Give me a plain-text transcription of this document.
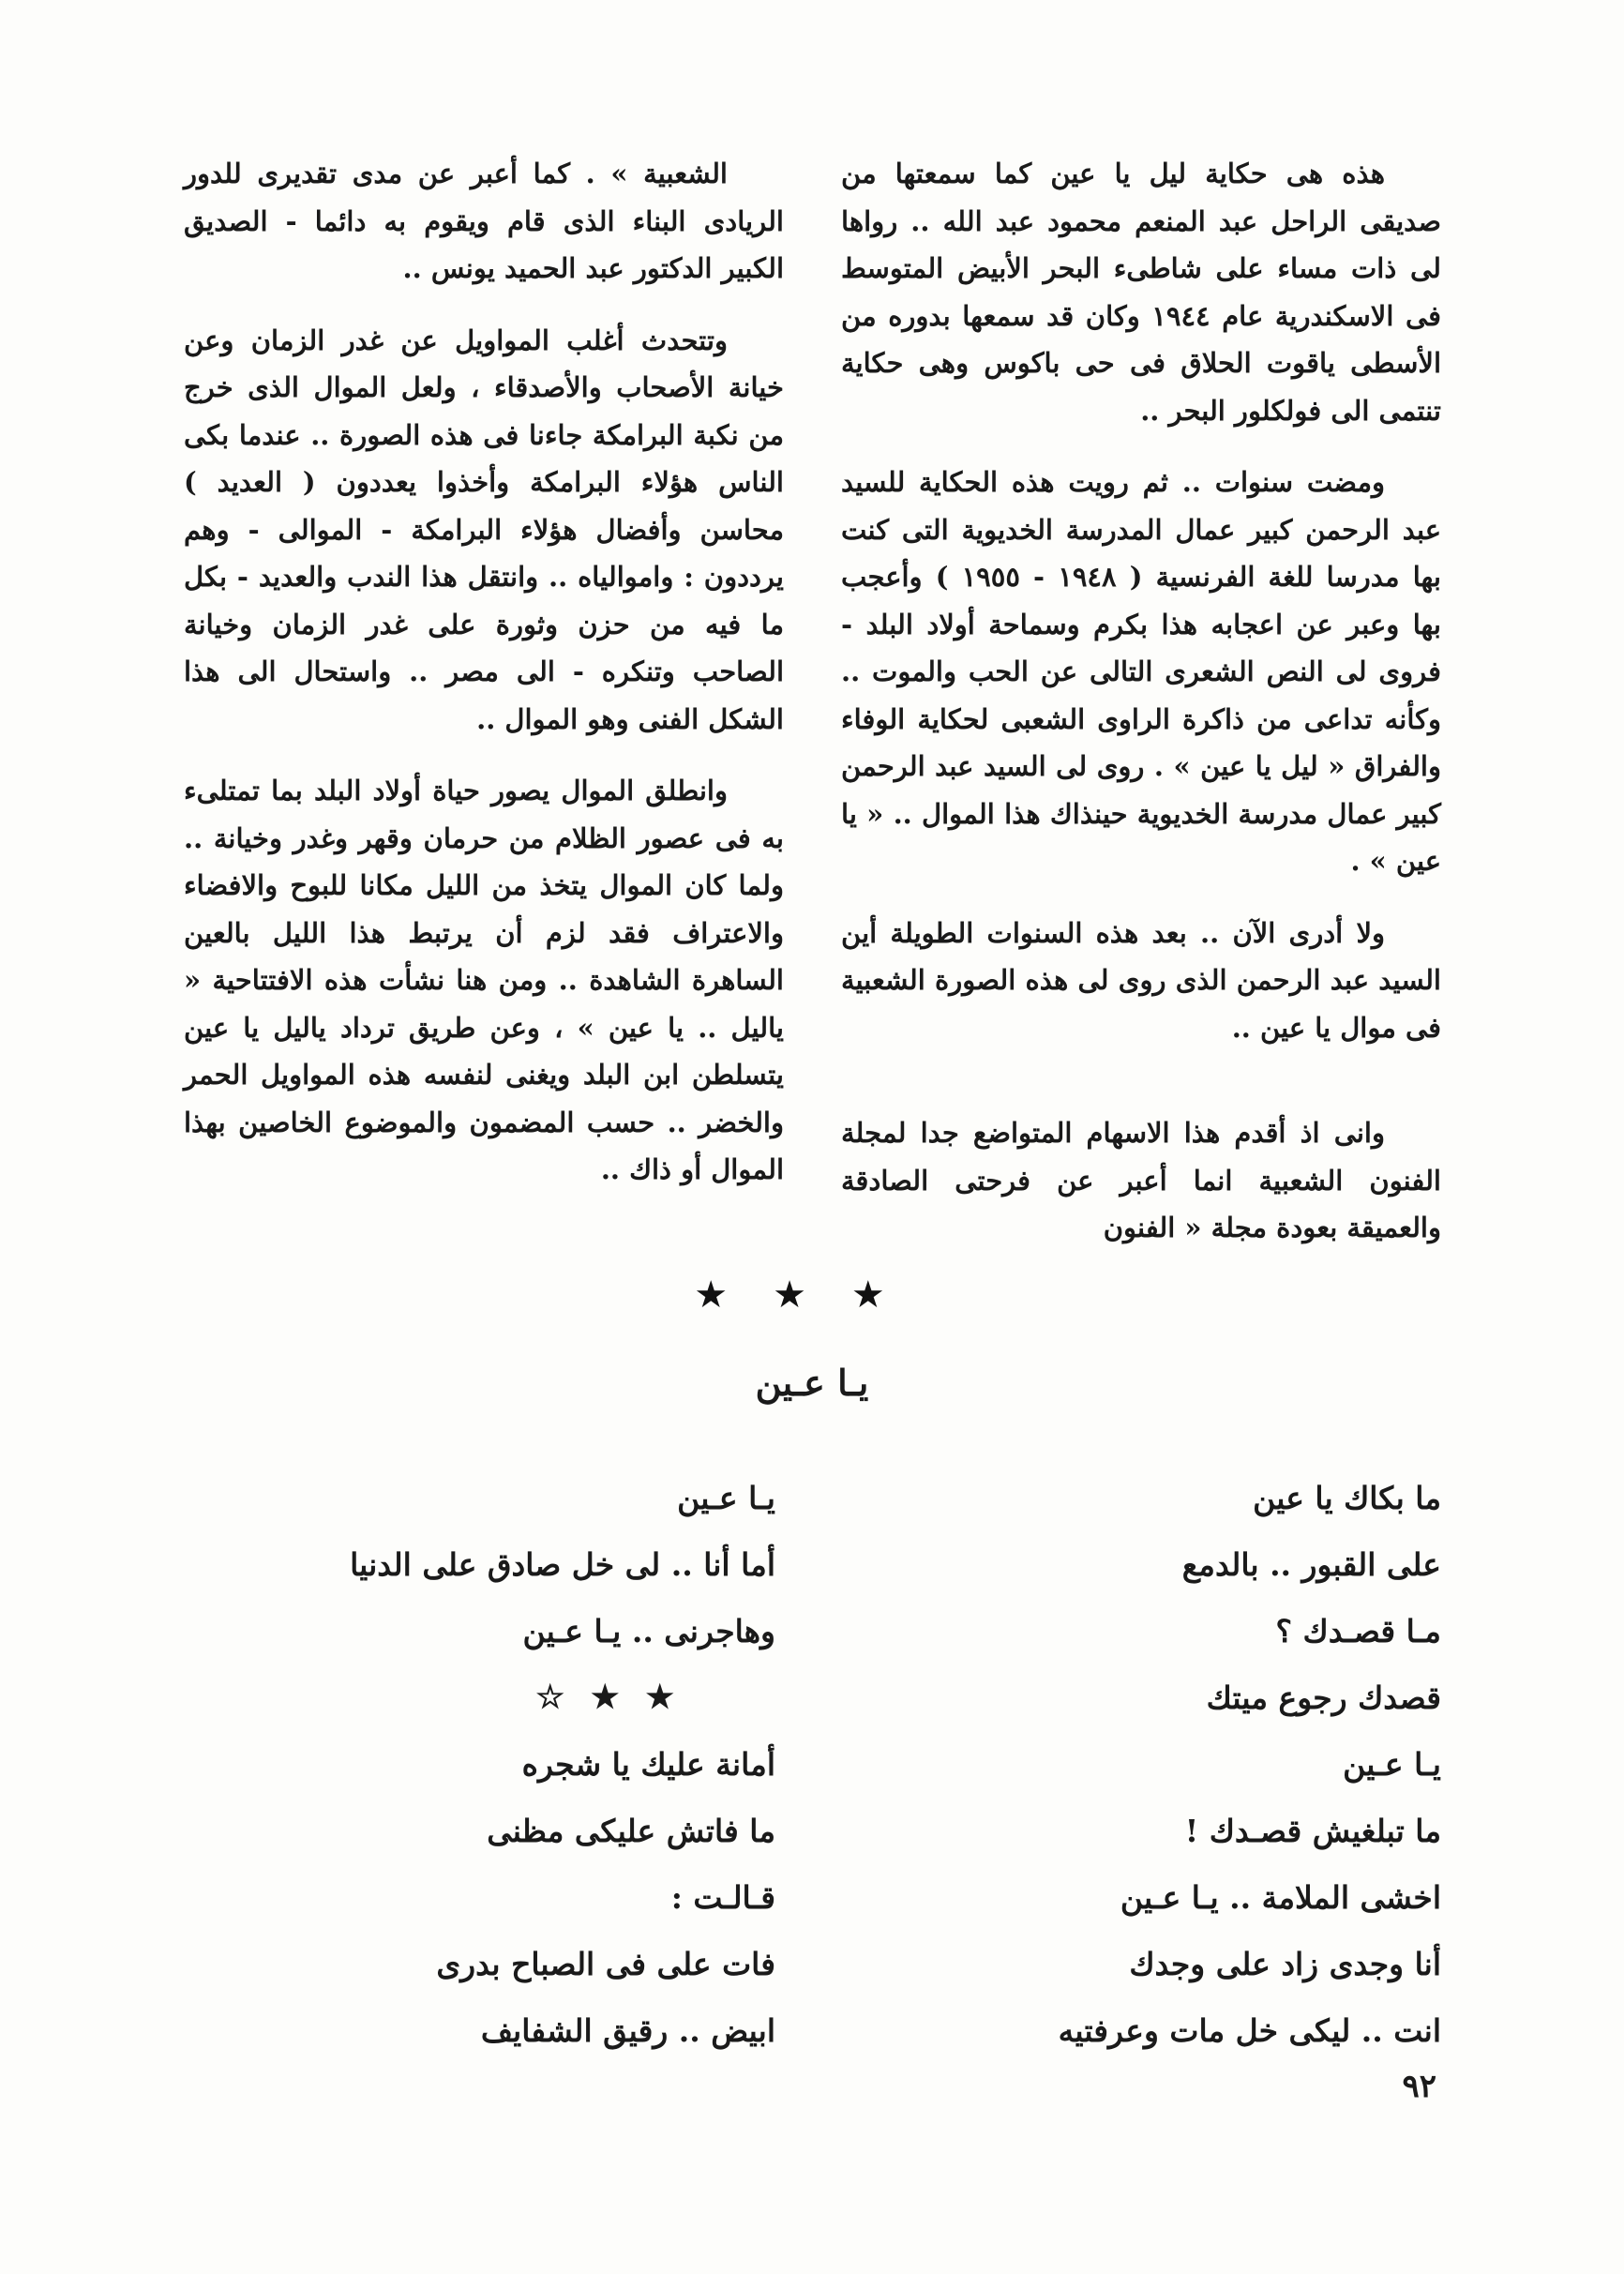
هذه هى حكاية ليل يا عين كما سمعتها من صديقى الراحل عبد المنعم محمود عبد الله .. رواها لى ذات مساء على شاطىء البحر الأبيض المتوسط فى الاسكندرية عام ١٩٤٤ وكان قد سمعها بدوره من الأسطى ياقوت الحلاق فى حى باكوس وهى حكاية تنتمى الى فولكلور البحر ..

ومضت سنوات .. ثم رويت هذه الحكاية للسيد عبد الرحمن كبير عمال المدرسة الخديوية التى كنت بها مدرسا للغة الفرنسية ( ١٩٤٨ - ١٩٥٥ ) وأعجب بها وعبر عن اعجابه هذا بكرم وسماحة أولاد البلد - فروى لى النص الشعرى التالى عن الحب والموت .. وكأنه تداعى من ذاكرة الراوى الشعبى لحكاية الوفاء والفراق « ليل يا عين » . روى لى السيد عبد الرحمن كبير عمال مدرسة الخديوية حينذاك هذا الموال .. « يا عين » .

ولا أدرى الآن .. بعد هذه السنوات الطويلة أين السيد عبد الرحمن الذى روى لى هذه الصورة الشعبية فى موال يا عين ..

وانى اذ أقدم هذا الاسهام المتواضع جدا لمجلة الفنون الشعبية انما أعبر عن فرحتى الصادقة والعميقة بعودة مجلة « الفنون

الشعبية » . كما أعبر عن مدى تقديرى للدور الريادى البناء الذى قام ويقوم به دائما - الصديق الكبير الدكتور عبد الحميد يونس ..

وتتحدث أغلب المواويل عن غدر الزمان وعن خيانة الأصحاب والأصدقاء ، ولعل الموال الذى خرج من نكبة البرامكة جاءنا فى هذه الصورة .. عندما بكى الناس هؤلاء البرامكة وأخذوا يعددون ( العديد ) محاسن وأفضال هؤلاء البرامكة - الموالى - وهم يرددون : واموالياه .. وانتقل هذا الندب والعديد - بكل ما فيه من حزن وثورة على غدر الزمان وخيانة الصاحب وتنكره - الى مصر .. واستحال الى هذا الشكل الفنى وهو الموال ..

وانطلق الموال يصور حياة أولاد البلد بما تمتلىء به فى عصور الظلام من حرمان وقهر وغدر وخيانة .. ولما كان الموال يتخذ من الليل مكانا للبوح والافضاء والاعتراف فقد لزم أن يرتبط هذا الليل بالعين الساهرة الشاهدة .. ومن هنا نشأت هذه الافتتاحية « ياليل .. يا عين » ، وعن طريق ترداد ياليل يا عين يتسلطن ابن البلد ويغنى لنفسه هذه المواويل الحمر والخضر .. حسب المضمون والموضوع الخاصين بهذا الموال أو ذاك ..

★★★
يـا عـين
ما بكاك يا عين
على القبور .. بالدمع
مـا قصـدك ؟
قصدك رجوع ميتك
يـا عـين
ما تبلغيش قصـدك !
اخشى الملامة .. يـا عـين
أنا وجدى زاد على وجدك
انت .. ليكى خل مات وعرفتيه
يـا عـين
أما أنا .. لى خل صادق على الدنيا
وهاجرنى .. يـا عـين
★★☆
أمانة عليك يا شجره
ما فاتش عليكى مظنى
قـالـت :
فات على فى الصباح بدرى
ابيض .. رقيق الشفايف
٩٢
